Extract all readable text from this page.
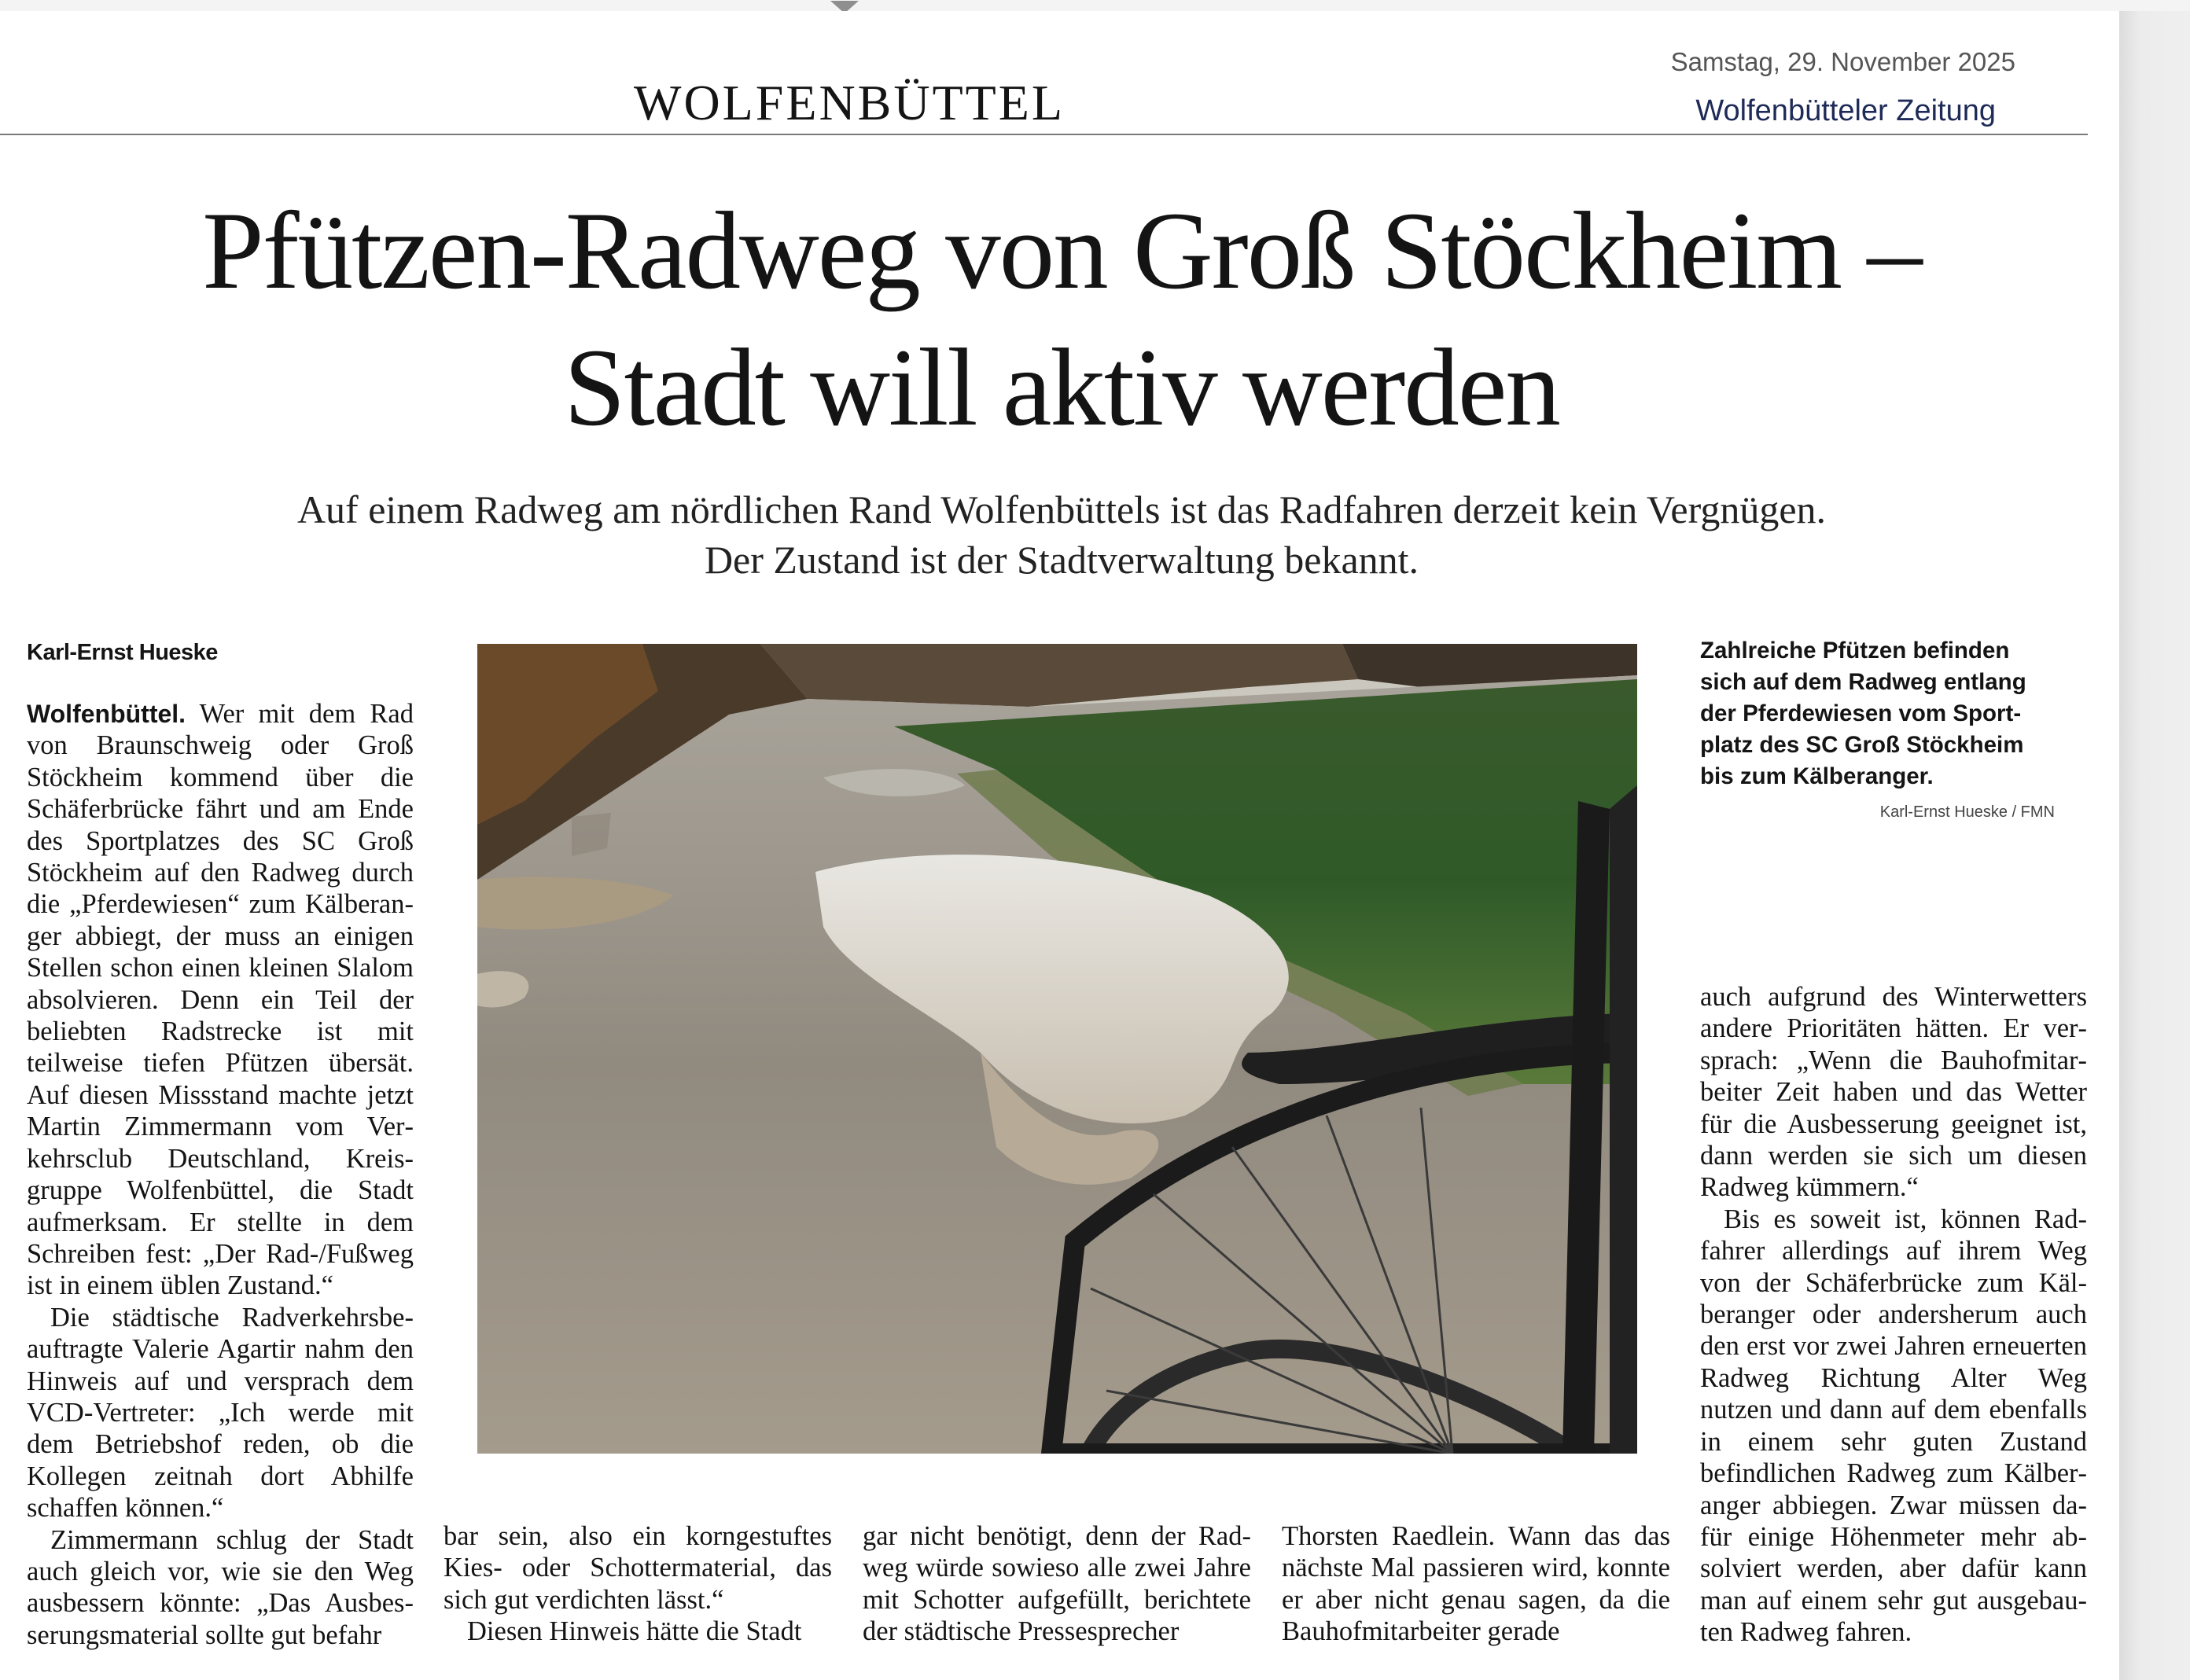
WOLFENBÜTTEL
Samstag, 29. November 2025
Wolfenbütteler Zeitung
Pfützen-Radweg von Groß Stöckheim –
Stadt will aktiv werden
Auf einem Radweg am nördlichen Rand Wolfenbüttels ist das Radfahren derzeit kein Vergnügen.
Der Zustand ist der Stadtverwaltung bekannt.
Karl-Ernst Hueske

Wolfenbüttel. Wer mit dem Rad von Braunschweig oder Groß Stöckheim kommend über die Schäferbrücke fährt und am Ende des Sportplatzes des SC Groß Stöckheim auf den Radweg durch die „Pferdewiesen“ zum Kälberanger abbiegt, der muss an einigen Stellen schon einen kleinen Slalom absolvieren. Denn ein Teil der beliebten Radstrecke ist mit teilweise tiefen Pfützen übersät. Auf diesen Missstand machte jetzt Martin Zimmermann vom Verkehrsclub Deutschland, Kreisgruppe Wolfenbüttel, die Stadt aufmerksam. Er stellte in dem Schreiben fest: „Der Rad-/Fußweg ist in einem üblen Zustand.“

Die städtische Radverkehrsbeauftragte Valerie Agartir nahm den Hinweis auf und versprach dem VCD-Vertreter: „Ich werde mit dem Betriebshof reden, ob die Kollegen zeitnah dort Abhilfe schaffen können.“

Zimmermann schlug der Stadt auch gleich vor, wie sie den Weg ausbessern könnte: „Das Ausbesserungsmaterial sollte gut befahr

bar sein, also ein korngestuftes Kies- oder Schottermaterial, das sich gut verdichten lässt.“

Diesen Hinweis hätte die Stadt

gar nicht benötigt, denn der Radweg würde sowieso alle zwei Jahre mit Schotter aufgefüllt, berichtete der städtische Pressesprecher

Thorsten Raedlein. Wann das das nächste Mal passieren wird, konnte er aber nicht genau sagen, da die Bauhofmitarbeiter gerade

Zahlreiche Pfützen befinden
sich auf dem Radweg entlang
der Pferdewiesen vom Sport-
platz des SC Groß Stöckheim
bis zum Kälberanger.
Karl-Ernst Hueske / FMN

auch aufgrund des Winterwetters andere Prioritäten hätten. Er versprach: „Wenn die Bauhofmitarbeiter Zeit haben und das Wetter für die Ausbesserung geeignet ist, dann werden sie sich um diesen Radweg kümmern.“

Bis es soweit ist, können Radfahrer allerdings auf ihrem Weg von der Schäferbrücke zum Kälberanger oder andersherum auch den erst vor zwei Jahren erneuerten Radweg Richtung Alter Weg nutzen und dann auf dem ebenfalls in einem sehr guten Zustand befindlichen Radweg zum Kälberanger abbiegen. Zwar müssen dafür einige Höhenmeter mehr absolviert werden, aber dafür kann man auf einem sehr gut ausgebauten Radweg fahren.
